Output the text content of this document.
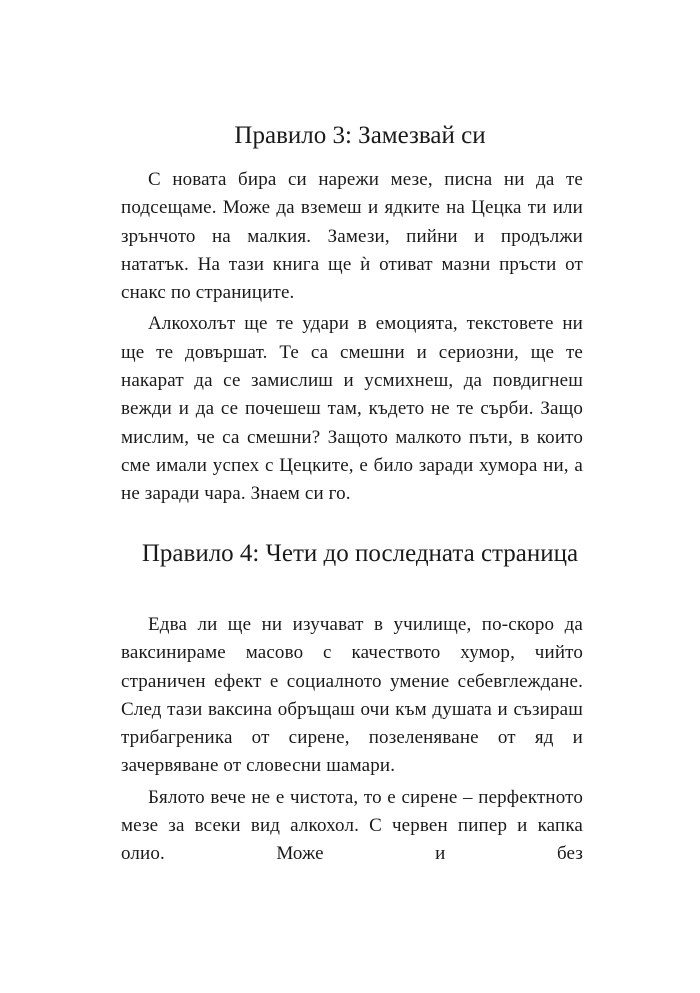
Правило 3: Замезвай си

С новата бира си нарежи мезе, писна ни да те подсещаме. Може да вземеш и ядките на Цецка ти или зрънчото на малкия. Замези, пийни и продължи нататък. На тази книга ще ѝ отиват мазни пръсти от снакс по страниците.

Алкохолът ще те удари в емоцията, текстовете ни ще те довършат. Те са смешни и сериозни, ще те накарат да се замислиш и усмихнеш, да повдигнеш вежди и да се почешеш там, където не те сърби. Защо мислим, че са смешни? Защото малкото пъти, в които сме имали успех с Цецките, е било заради хумора ни, а не заради чара. Знаем си го.

Правило 4: Чети до последната страница

Едва ли ще ни изучават в училище, по-скоро да ваксинираме масово с качеството хумор, чийто страничен ефект е социалното умение себевглеждане. След тази ваксина обръщаш очи към душата и съзираш трибагреника от сирене, позеленяване от яд и зачервяване от словесни шамари.

Бялото вече не е чистота, то е сирене – перфектното мезе за всеки вид алкохол. С червен пипер и капка олио. Може и без
